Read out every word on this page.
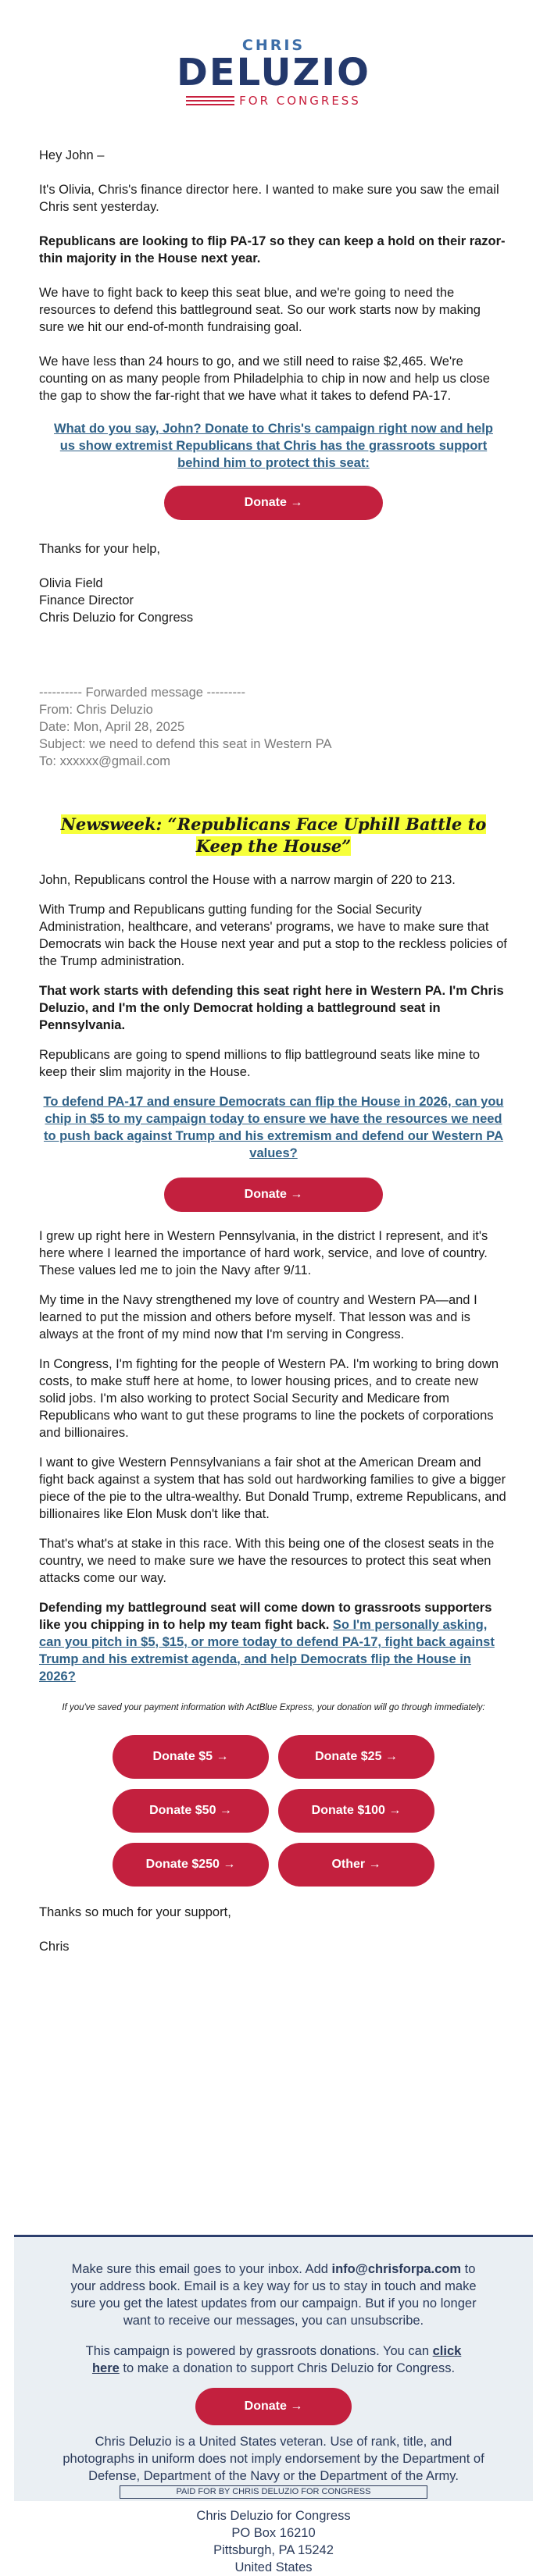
CHRIS
DELUZIO
FOR CONGRESS

Hey John –

It's Olivia, Chris's finance director here. I wanted to make sure you saw the email Chris sent yesterday.

Republicans are looking to flip PA-17 so they can keep a hold on their razor-thin majority in the House next year.

We have to fight back to keep this seat blue, and we're going to need the resources to defend this battleground seat. So our work starts now by making sure we hit our end-of-month fundraising goal.

We have less than 24 hours to go, and we still need to raise $2,465. We're counting on as many people from Philadelphia to chip in now and help us close the gap to show the far-right that we have what it takes to defend PA-17.

What do you say, John? Donate to Chris's campaign right now and help us show extremist Republicans that Chris has the grassroots support behind him to protect this seat:
Donate →

Thanks for your help,

Olivia Field

Finance Director

Chris Deluzio for Congress

---------- Forwarded message ---------

From: Chris Deluzio

Date: Mon, April 28, 2025

Subject: we need to defend this seat in Western PA

To: xxxxxx@gmail.com

Newsweek: “Republicans Face Uphill Battle to Keep the House”

John, Republicans control the House with a narrow margin of 220 to 213.

With Trump and Republicans gutting funding for the Social Security Administration, healthcare, and veterans' programs, we have to make sure that Democrats win back the House next year and put a stop to the reckless policies of the Trump administration.

That work starts with defending this seat right here in Western PA. I'm Chris Deluzio, and I'm the only Democrat holding a battleground seat in Pennsylvania.

Republicans are going to spend millions to flip battleground seats like mine to keep their slim majority in the House.

To defend PA-17 and ensure Democrats can flip the House in 2026, can you chip in $5 to my campaign today to ensure we have the resources we need to push back against Trump and his extremism and defend our Western PA values?
Donate →

I grew up right here in Western Pennsylvania, in the district I represent, and it's here where I learned the importance of hard work, service, and love of country. These values led me to join the Navy after 9/11.

My time in the Navy strengthened my love of country and Western PA—and I learned to put the mission and others before myself. That lesson was and is always at the front of my mind now that I'm serving in Congress.

In Congress, I'm fighting for the people of Western PA. I'm working to bring down costs, to make stuff here at home, to lower housing prices, and to create new solid jobs. I'm also working to protect Social Security and Medicare from Republicans who want to gut these programs to line the pockets of corporations and billionaires.

I want to give Western Pennsylvanians a fair shot at the American Dream and fight back against a system that has sold out hardworking families to give a bigger piece of the pie to the ultra-wealthy. But Donald Trump, extreme Republicans, and billionaires like Elon Musk don't like that.

That's what's at stake in this race. With this being one of the closest seats in the country, we need to make sure we have the resources to protect this seat when attacks come our way.

Defending my battleground seat will come down to grassroots supporters like you chipping in to help my team fight back. So I'm personally asking, can you pitch in $5, $15, or more today to defend PA-17, fight back against Trump and his extremist agenda, and help Democrats flip the House in 2026?

If you've saved your payment information with ActBlue Express, your donation will go through immediately:

Donate $5 →	Donate $25 →
Donate $50 →	Donate $100 →
Donate $250 →	Other →

Thanks so much for your support,

Chris

Make sure this email goes to your inbox. Add info@chrisforpa.com to your address book. Email is a key way for us to stay in touch and make sure you get the latest updates from our campaign. But if you no longer want to receive our messages, you can unsubscribe.

This campaign is powered by grassroots donations. You can click here to make a donation to support Chris Deluzio for Congress.

Donate →

Chris Deluzio is a United States veteran. Use of rank, title, and photographs in uniform does not imply endorsement by the Department of Defense, Department of the Navy or the Department of the Army.

PAID FOR BY CHRIS DELUZIO FOR CONGRESS

Chris Deluzio for Congress

PO Box 16210

Pittsburgh, PA 15242

United States
